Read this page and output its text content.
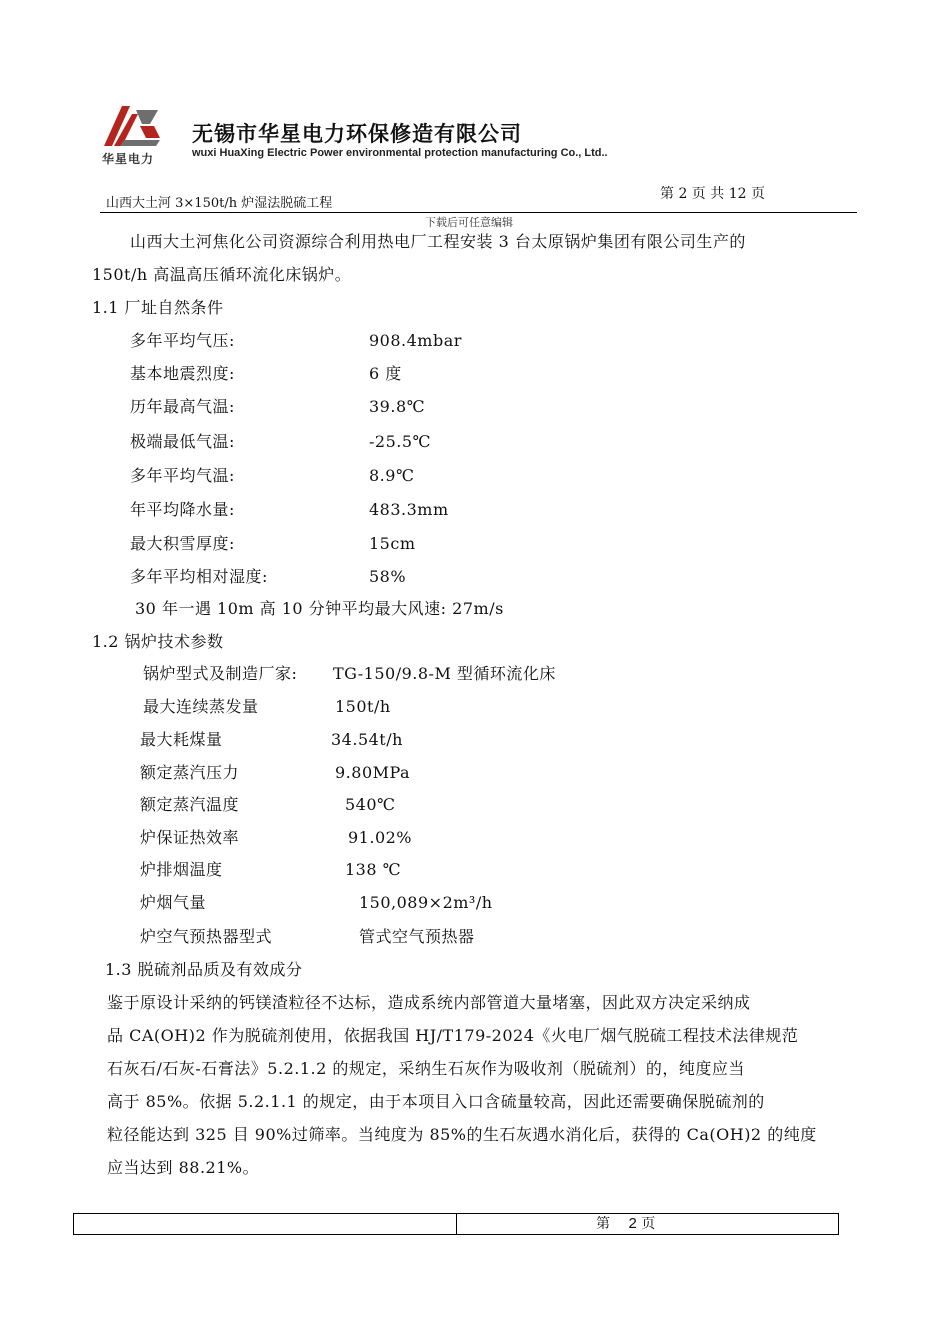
华星电力
无锡市华星电力环保修造有限公司
wuxi HuaXing Electric Power environmental protection manufacturing Co., Ltd..
山西大土河 3×150t/h 炉湿法脱硫工程
第 2 页 共 12 页
下载后可任意编辑
山西大土河焦化公司资源综合利用热电厂工程安装 3 台太原锅炉集团有限公司生产的
150t/h 高温高压循环流化床锅炉。
1.1 厂址自然条件
多年平均气压:	908.4mbar
基本地震烈度:	6 度
历年最高气温:	39.8℃
极端最低气温:	-25.5℃
多年平均气温:	8.9℃
年平均降水量:	483.3mm
最大积雪厚度:	15cm
多年平均相对湿度:	58%
30 年一遇 10m 高 10 分钟平均最大风速: 27m/s
1.2 锅炉技术参数
锅炉型式及制造厂家: TG-150/9.8-M 型循环流化床
最大连续蒸发量	150t/h
最大耗煤量	34.54t/h
额定蒸汽压力	9.80MPa
额定蒸汽温度	540℃
炉保证热效率	91.02%
炉排烟温度	138 ℃
炉烟气量	150,089×2m³/h
炉空气预热器型式	管式空气预热器
1.3 脱硫剂品质及有效成分
鉴于原设计采纳的钙镁渣粒径不达标，造成系统内部管道大量堵塞，因此双方决定采纳成
品 CA(OH)2 作为脱硫剂使用，依据我国 HJ/T179-2024《火电厂烟气脱硫工程技术法律规范
石灰石/石灰-石膏法》5.2.1.2 的规定，采纳生石灰作为吸收剂（脱硫剂）的，纯度应当
高于 85%。依据 5.2.1.1 的规定，由于本项目入口含硫量较高，因此还需要确保脱硫剂的
粒径能达到 325 目 90%过筛率。当纯度为 85%的生石灰遇水消化后，获得的 Ca(OH)2 的纯度
应当达到 88.21%。
第 2 页
